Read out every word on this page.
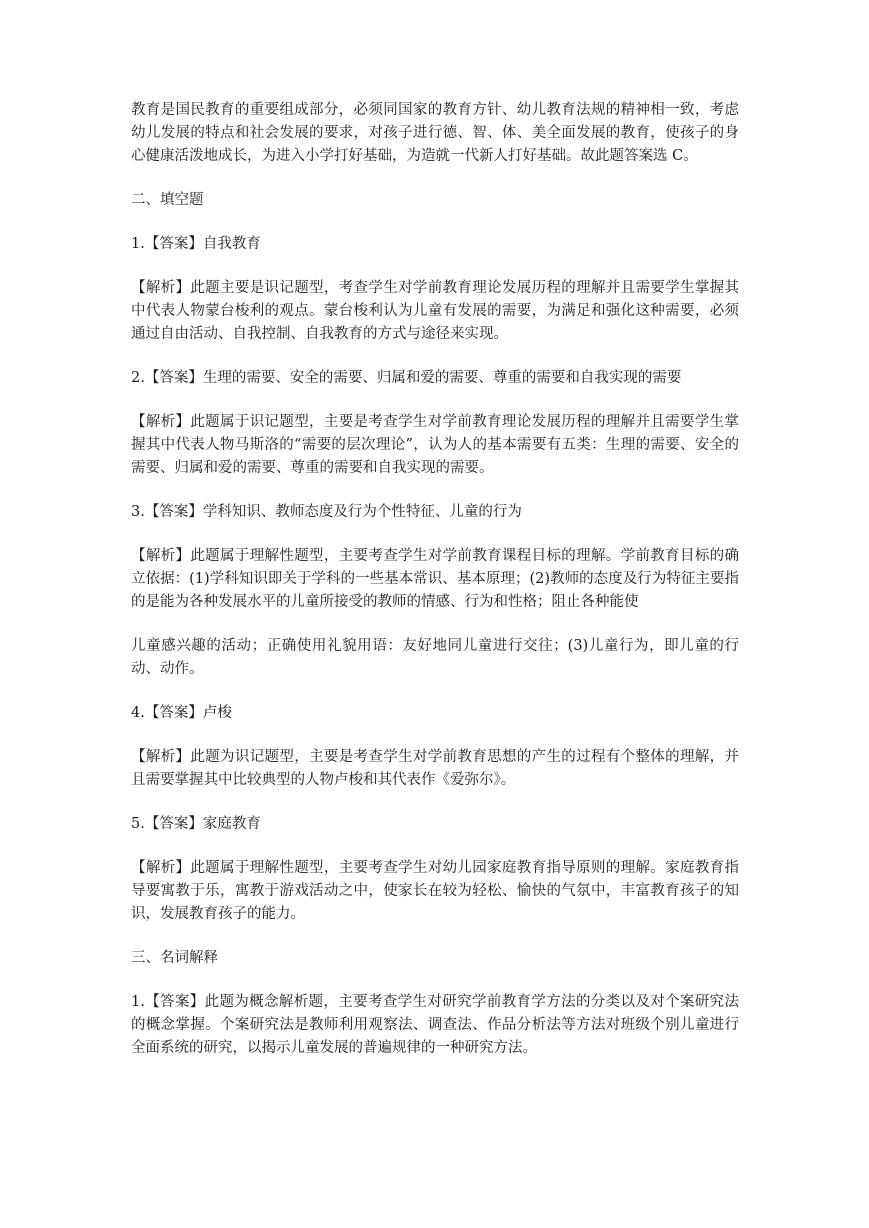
教育是国民教育的重要组成部分，必须同国家的教育方针、幼儿教育法规的精神相一致，考虑幼儿发展的特点和社会发展的要求，对孩子进行德、智、体、美全面发展的教育，使孩子的身心健康活泼地成长，为进入小学打好基础，为造就一代新人打好基础。故此题答案选 C。

二、填空题

1.【答案】自我教育

【解析】此题主要是识记题型，考查学生对学前教育理论发展历程的理解并且需要学生掌握其中代表人物蒙台梭利的观点。蒙台梭利认为儿童有发展的需要，为满足和强化这种需要，必须通过自由活动、自我控制、自我教育的方式与途径来实现。

2.【答案】生理的需要、安全的需要、归属和爱的需要、尊重的需要和自我实现的需要

【解析】此题属于识记题型，主要是考查学生对学前教育理论发展历程的理解并且需要学生掌握其中代表人物马斯洛的“需要的层次理论”，认为人的基本需要有五类：生理的需要、安全的需要、归属和爱的需要、尊重的需要和自我实现的需要。

3.【答案】学科知识、教师态度及行为个性特征、儿童的行为

【解析】此题属于理解性题型，主要考查学生对学前教育课程目标的理解。学前教育目标的确立依据：(1)学科知识即关于学科的一些基本常识、基本原理；(2)教师的态度及行为特征主要指的是能为各种发展水平的儿童所接受的教师的情感、行为和性格；阻止各种能使

儿童感兴趣的活动；正确使用礼貌用语：友好地同儿童进行交往；(3)儿童行为，即儿童的行动、动作。

4.【答案】卢梭

【解析】此题为识记题型，主要是考查学生对学前教育思想的产生的过程有个整体的理解，并且需要掌握其中比较典型的人物卢梭和其代表作《爱弥尔》。

5.【答案】家庭教育

【解析】此题属于理解性题型，主要考查学生对幼儿园家庭教育指导原则的理解。家庭教育指导要寓教于乐，寓教于游戏活动之中，使家长在较为轻松、愉快的气氛中，丰富教育孩子的知识，发展教育孩子的能力。

三、名词解释

1.【答案】此题为概念解析题，主要考查学生对研究学前教育学方法的分类以及对个案研究法的概念掌握。个案研究法是教师利用观察法、调查法、作品分析法等方法对班级个别儿童进行全面系统的研究，以揭示儿童发展的普遍规律的一种研究方法。
